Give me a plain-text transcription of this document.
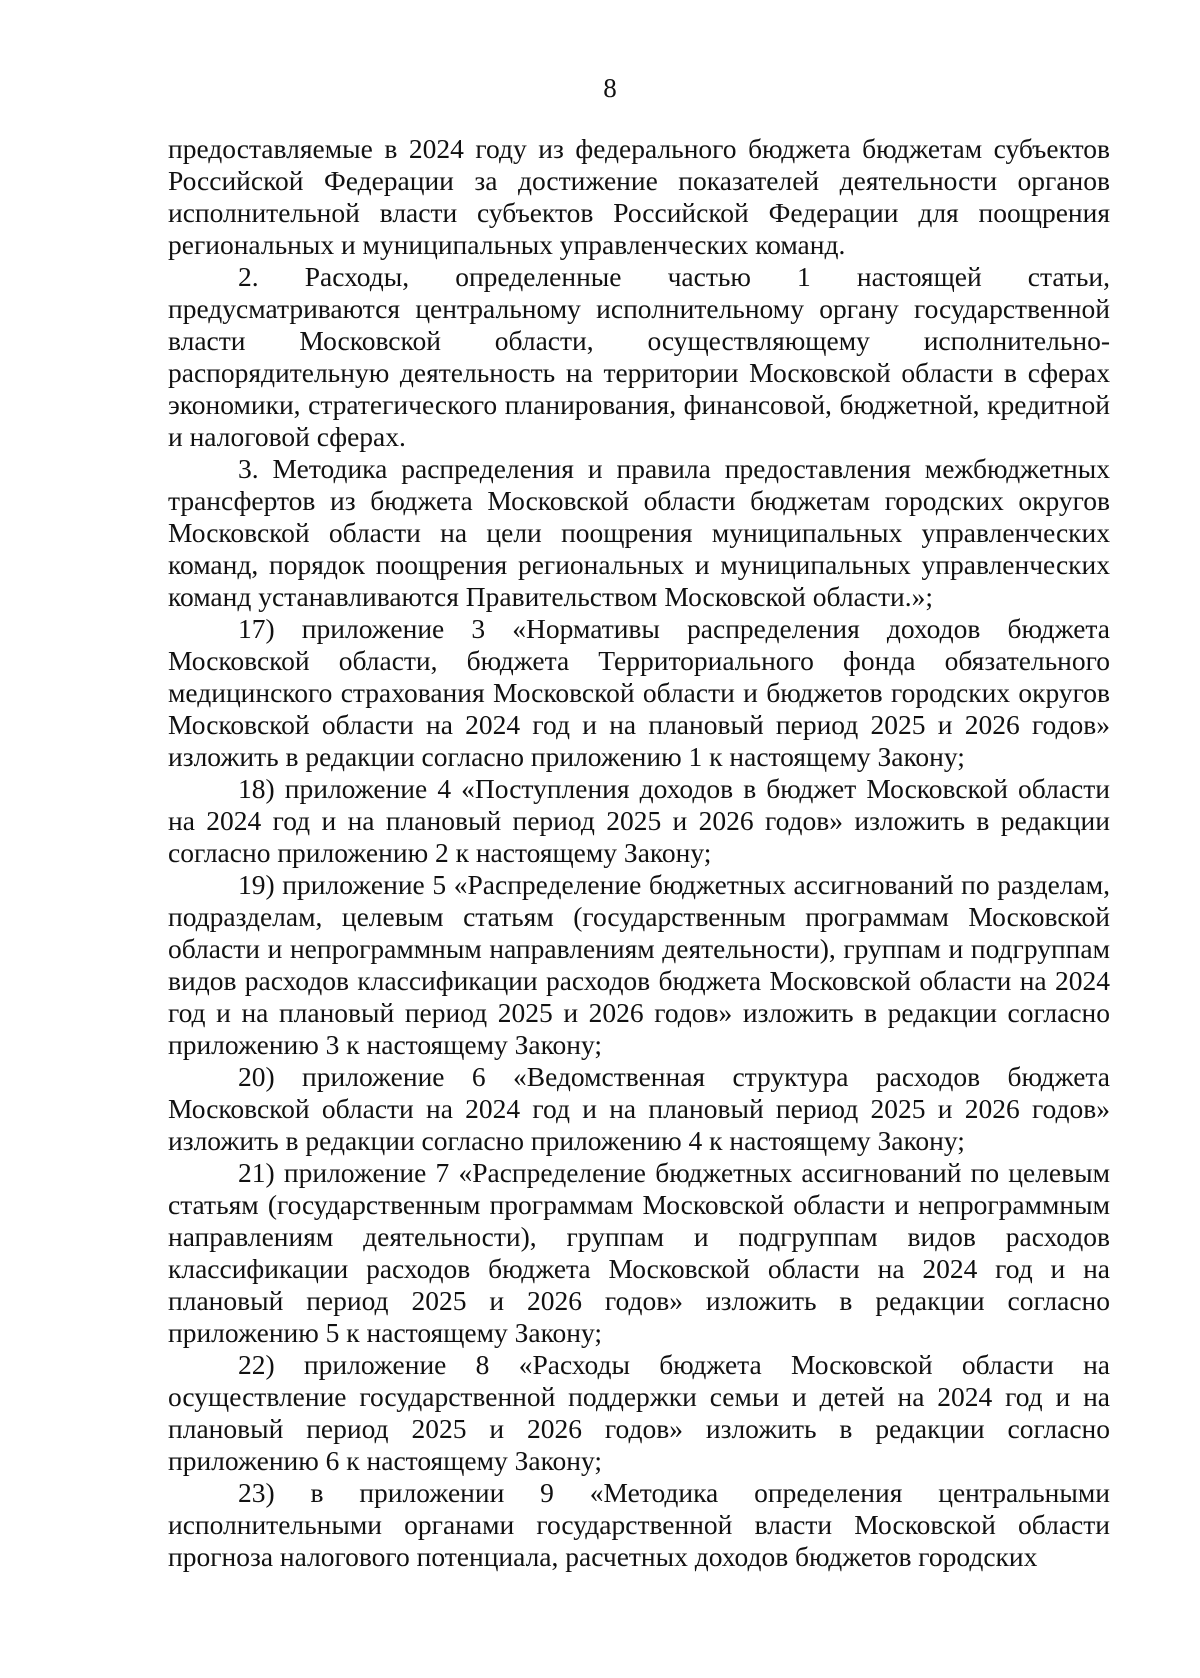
8

предоставляемые в 2024 году из федерального бюджета бюджетам субъектов Российской Федерации за достижение показателей деятельности органов исполнительной власти субъектов Российской Федерации для поощрения региональных и муниципальных управленческих команд.

2. Расходы, определенные частью 1 настоящей статьи, предусматриваются центральному исполнительному органу государственной власти Московской области, осуществляющему исполнительно-распорядительную деятельность на территории Московской области в сферах экономики, стратегического планирования, финансовой, бюджетной, кредитной и налоговой сферах.

3. Методика распределения и правила предоставления межбюджетных трансфертов из бюджета Московской области бюджетам городских округов Московской области на цели поощрения муниципальных управленческих команд, порядок поощрения региональных и муниципальных управленческих команд устанавливаются Правительством Московской области.»;

17) приложение 3 «Нормативы распределения доходов бюджета Московской области, бюджета Территориального фонда обязательного медицинского страхования Московской области и бюджетов городских округов Московской области на 2024 год и на плановый период 2025 и 2026 годов» изложить в редакции согласно приложению 1 к настоящему Закону;

18) приложение 4 «Поступления доходов в бюджет Московской области на 2024 год и на плановый период 2025 и 2026 годов» изложить в редакции согласно приложению 2 к настоящему Закону;

19) приложение 5 «Распределение бюджетных ассигнований по разделам, подразделам, целевым статьям (государственным программам Московской области и непрограммным направлениям деятельности), группам и подгруппам видов расходов классификации расходов бюджета Московской области на 2024 год и на плановый период 2025 и 2026 годов» изложить в редакции согласно приложению 3 к настоящему Закону;

20) приложение 6 «Ведомственная структура расходов бюджета Московской области на 2024 год и на плановый период 2025 и 2026 годов» изложить в редакции согласно приложению 4 к настоящему Закону;

21) приложение 7 «Распределение бюджетных ассигнований по целевым статьям (государственным программам Московской области и непрограммным направлениям деятельности), группам и подгруппам видов расходов классификации расходов бюджета Московской области на 2024 год и на плановый период 2025 и 2026 годов» изложить в редакции согласно приложению 5 к настоящему Закону;

22) приложение 8 «Расходы бюджета Московской области на осуществление государственной поддержки семьи и детей на 2024 год и на плановый период 2025 и 2026 годов» изложить в редакции согласно приложению 6 к настоящему Закону;

23) в приложении 9 «Методика определения центральными исполнительными органами государственной власти Московской области прогноза налогового потенциала, расчетных доходов бюджетов городских
